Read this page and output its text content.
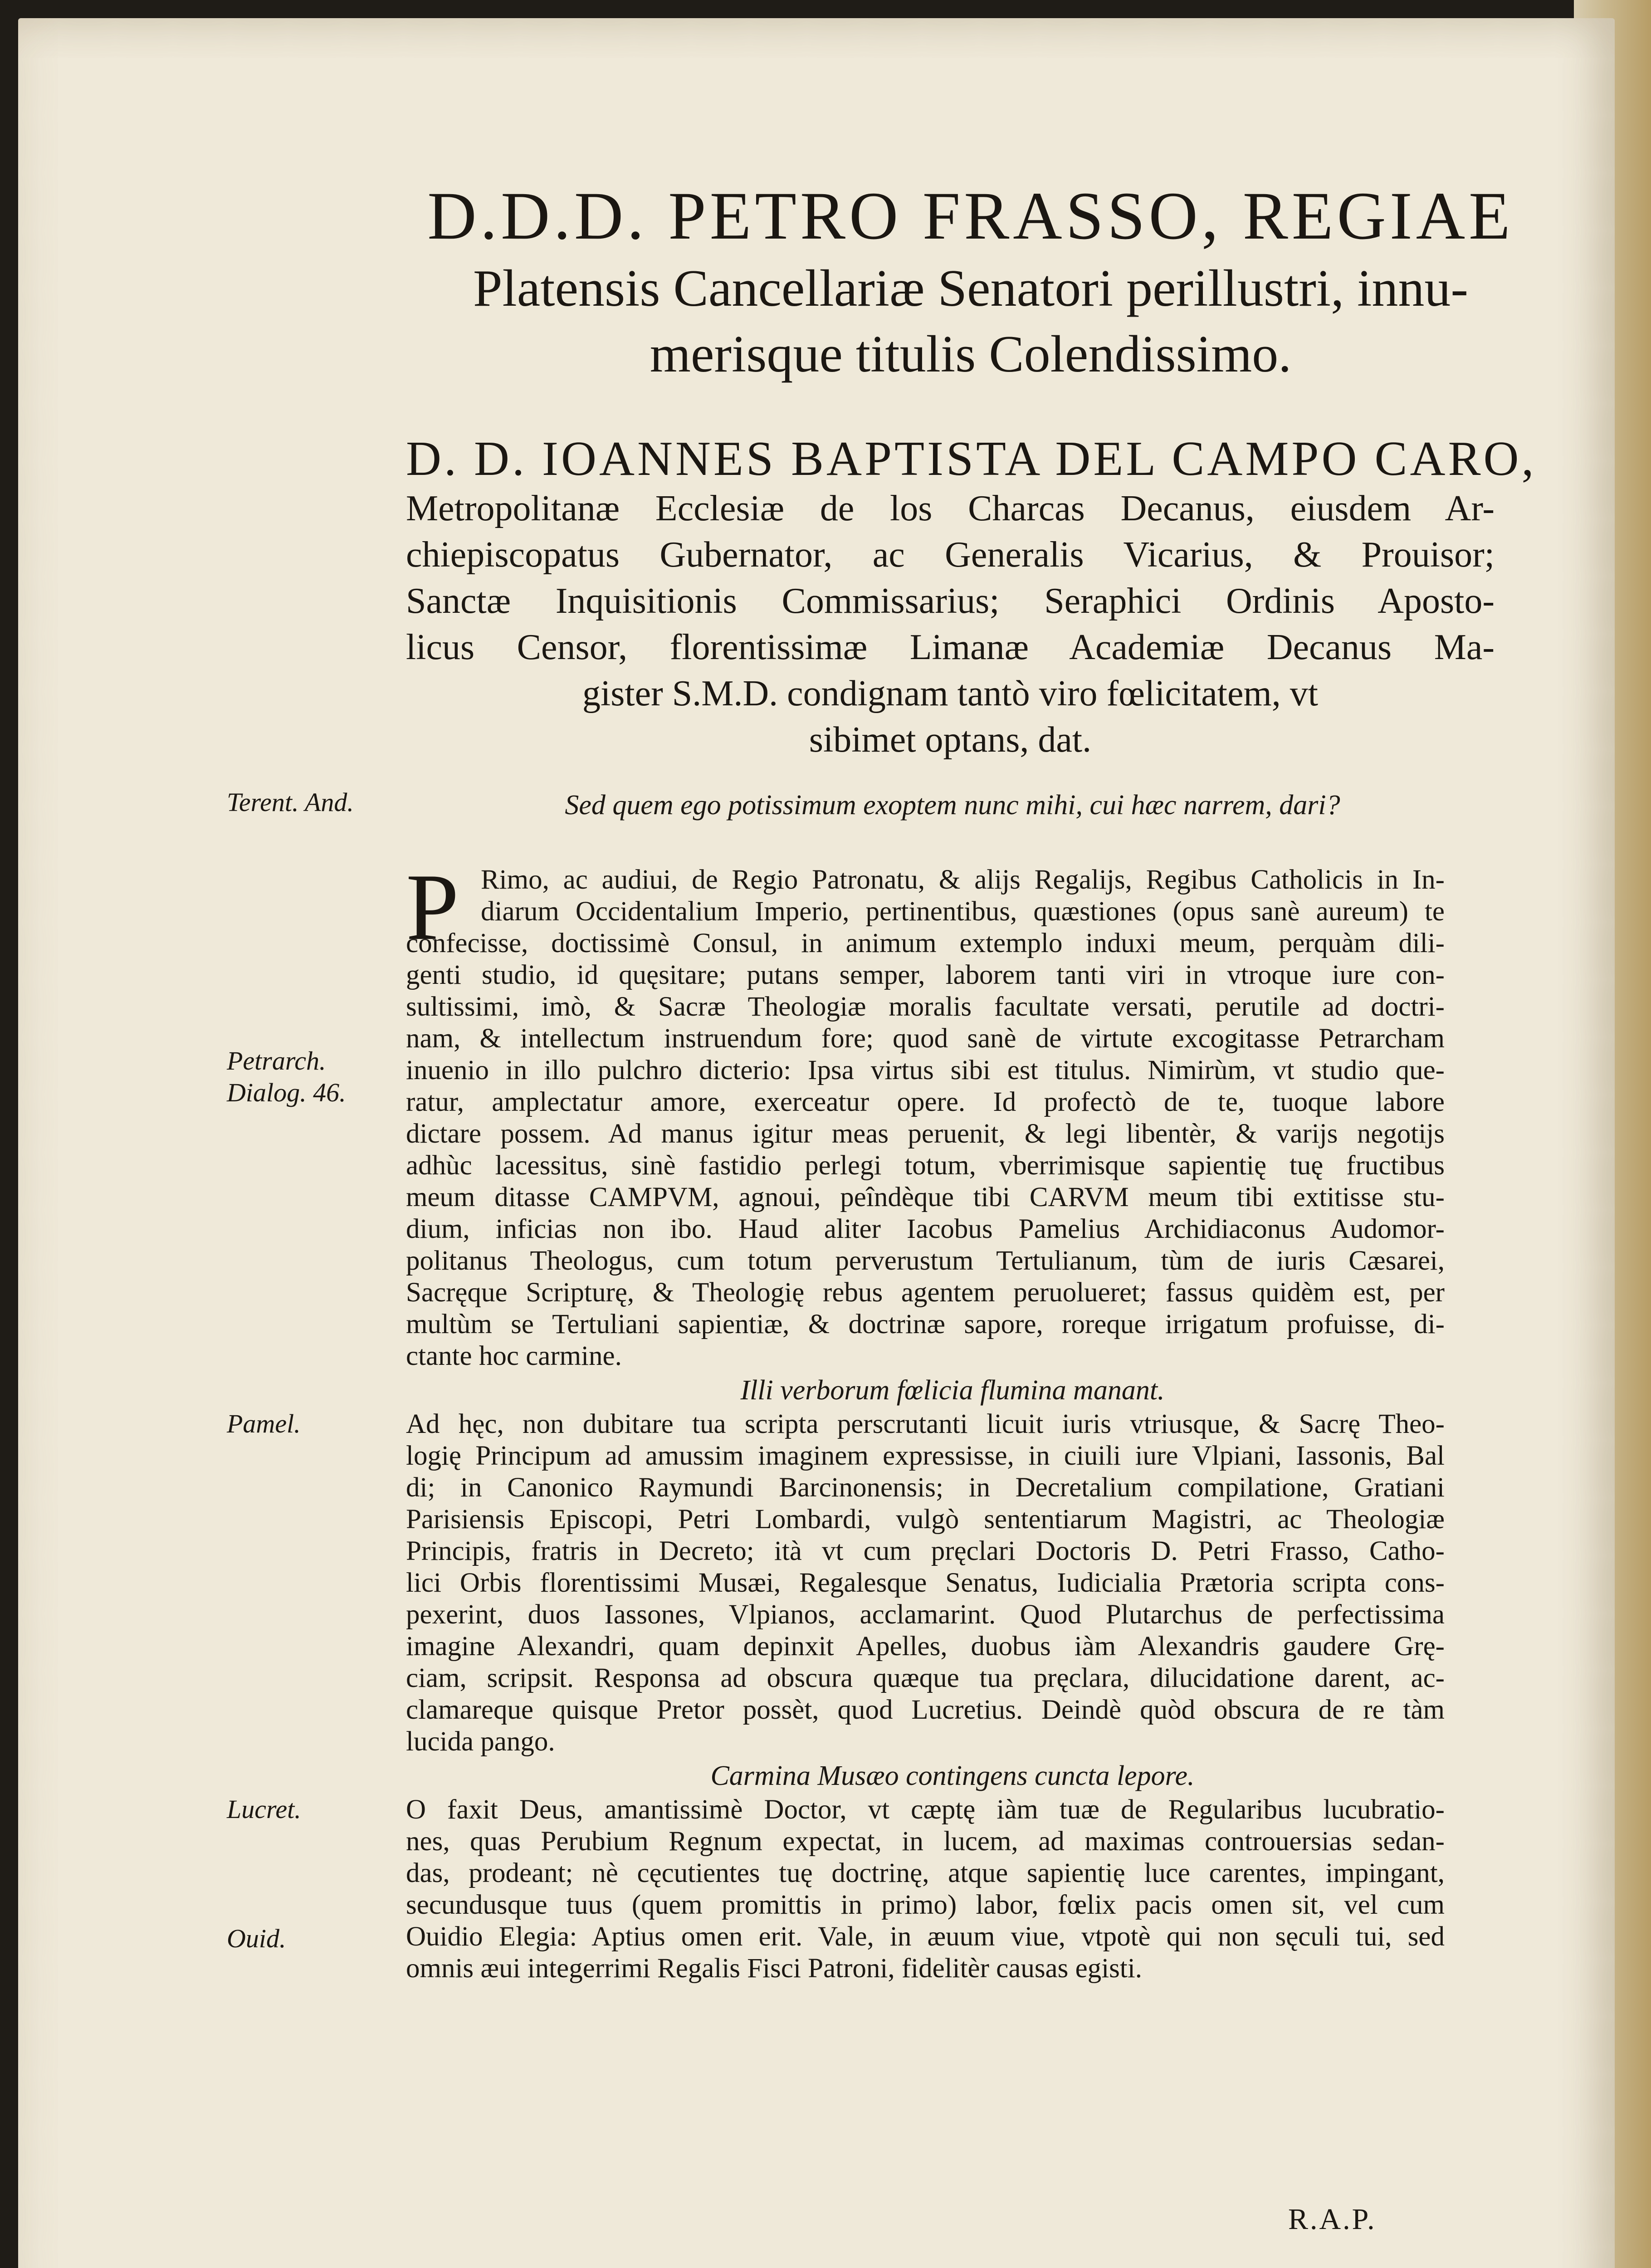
D.D.D. PETRO FRASSO, REGIAE
Platensis Cancellariæ Senatori perillustri, innu-
merisque titulis Colendissimo.
D. D. IOANNES BAPTISTA DEL CAMPO CARO,
Metropolitanæ Ecclesiæ de los Charcas Decanus, eiusdem Ar-
chiepiscopatus Gubernator, ac Generalis Vicarius, & Prouisor;
Sanctæ Inquisitionis Commissarius; Seraphici Ordinis Aposto-
licus Censor, florentissimæ Limanæ Academiæ Decanus Ma-
gister S.M.D. condignam tantò viro fœlicitatem, vt
sibimet optans, dat.
Terent. And.	Sed quem ego potissimum exoptem nunc mihi, cui hæc narrem, dari?
P Rimo, ac audiui, de Regio Patronatu, & alijs Regalijs, Regibus Catholicis in In-
diarum Occidentalium Imperio, pertinentibus, quæstiones (opus sanè aureum) te
confecisse, doctissimè Consul, in animum extemplo induxi meum, perquàm dili-
genti studio, id quęsitare; putans semper, laborem tanti viri in vtroque iure con-
sultissimi, imò, & Sacræ Theologiæ moralis facultate versati, perutile ad doctri-
nam, & intellectum instruendum fore; quod sanè de virtute excogitasse Petrarcham
inuenio in illo pulchro dicterio: Ipsa virtus sibi est titulus. Nimirùm, vt studio que-
ratur, amplectatur amore, exerceatur opere. Id profectò de te, tuoque labore
dictare possem. Ad manus igitur meas peruenit, & legi libentèr, & varijs negotijs
adhùc lacessitus, sinè fastidio perlegi totum, vberrimisque sapientię tuę fructibus
meum ditasse CAMPVM, agnoui, peîndèque tibi CARVM meum tibi extitisse stu-
dium, inficias non ibo. Haud aliter Iacobus Pamelius Archidiaconus Audomor-
politanus Theologus, cum totum perverustum Tertulianum, tùm de iuris Cæsarei,
Sacręque Scripturę, & Theologię rebus agentem peruolueret; fassus quidèm est, per
multùm se Tertuliani sapientiæ, & doctrinæ sapore, roreque irrigatum profuisse, di-
ctante hoc carmine.
Petrarch.
Dialog. 46.
Illi verborum fœlicia flumina manant.
Pamel.	Ad hęc, non dubitare tua scripta perscrutanti licuit iuris vtriusque, & Sacrę Theo-
logię Principum ad amussim imaginem expressisse, in ciuili iure Vlpiani, Iassonis, Bal
di; in Canonico Raymundi Barcinonensis; in Decretalium compilatione, Gratiani
Parisiensis Episcopi, Petri Lombardi, vulgò sententiarum Magistri, ac Theologiæ
Principis, fratris in Decreto; ità vt cum pręclari Doctoris D. Petri Frasso, Catho-
lici Orbis florentissimi Musæi, Regalesque Senatus, Iudicialia Prætoria scripta cons-
pexerint, duos Iassones, Vlpianos, acclamarint. Quod Plutarchus de perfectissima
imagine Alexandri, quam depinxit Apelles, duobus iàm Alexandris gaudere Grę-
ciam, scripsit. Responsa ad obscura quæque tua pręclara, dilucidatione darent, ac-
clamareque quisque Pretor possèt, quod Lucretius. Deindè quòd obscura de re tàm
lucida pango.
Carmina Musæo contingens cuncta lepore.
Lucret.	O faxit Deus, amantissimè Doctor, vt cæptę iàm tuæ de Regularibus lucubratio-
nes, quas Perubium Regnum expectat, in lucem, ad maximas controuersias sedan-
das, prodeant; nè cęcutientes tuę doctrinę, atque sapientię luce carentes, impingant,
secundusque tuus (quem promittis in primo) labor, fœlix pacis omen sit, vel cum
Ouidio Elegia: Aptius omen erit. Vale, in æuum viue, vtpotè qui non sęculi tui, sed
omnis æui integerrimi Regalis Fisci Patroni, fidelitèr causas egisti.
Ouid.
R.A.P.
